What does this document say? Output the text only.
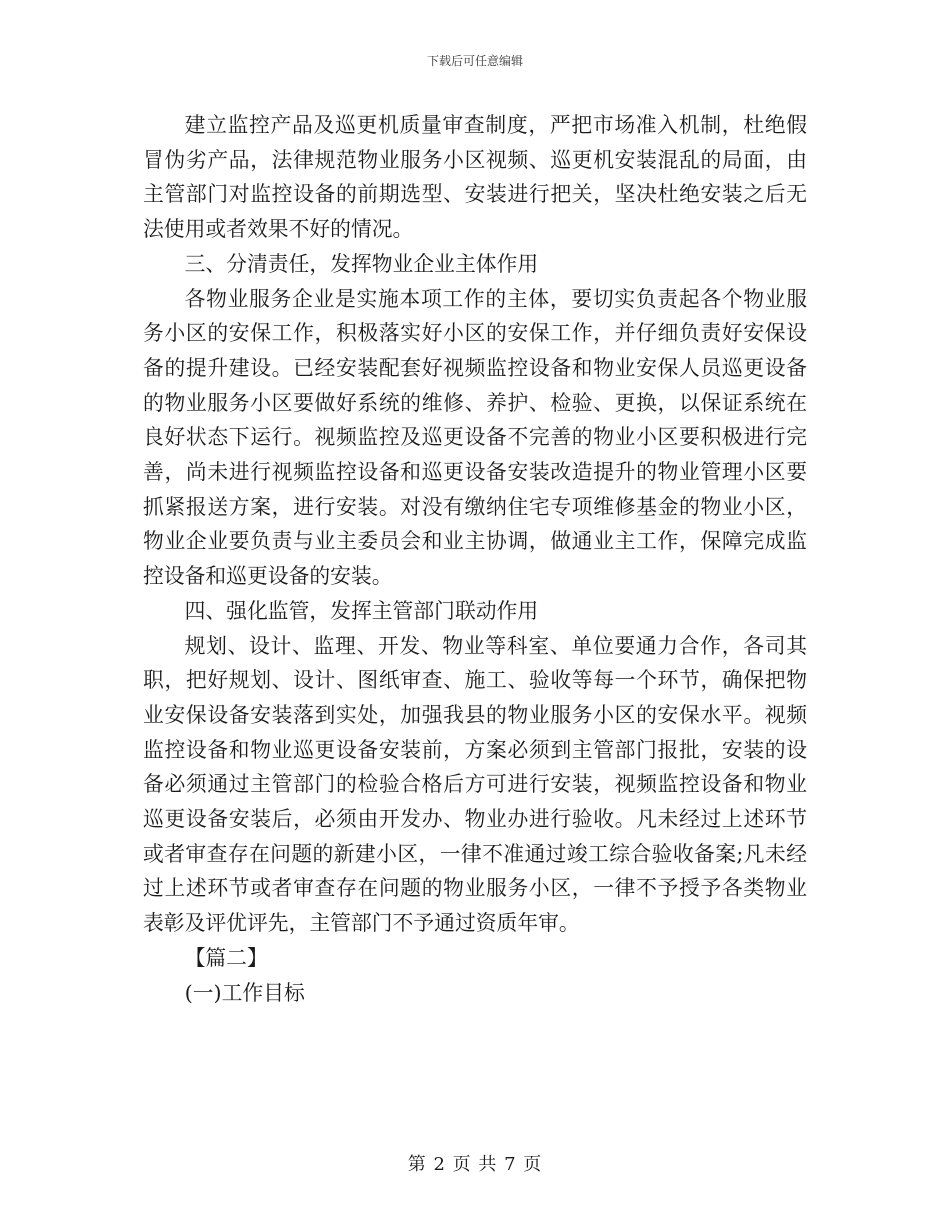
下载后可任意编辑

建立监控产品及巡更机质量审查制度，严把市场准入机制，杜绝假冒伪劣产品，法律规范物业服务小区视频、巡更机安装混乱的局面，由主管部门对监控设备的前期选型、安装进行把关，坚决杜绝安装之后无法使用或者效果不好的情况。

三、分清责任，发挥物业企业主体作用

各物业服务企业是实施本项工作的主体，要切实负责起各个物业服务小区的安保工作，积极落实好小区的安保工作，并仔细负责好安保设备的提升建设。已经安装配套好视频监控设备和物业安保人员巡更设备的物业服务小区要做好系统的维修、养护、检验、更换，以保证系统在良好状态下运行。视频监控及巡更设备不完善的物业小区要积极进行完善，尚未进行视频监控设备和巡更设备安装改造提升的物业管理小区要抓紧报送方案，进行安装。对没有缴纳住宅专项维修基金的物业小区，物业企业要负责与业主委员会和业主协调，做通业主工作，保障完成监控设备和巡更设备的安装。

四、强化监管，发挥主管部门联动作用

规划、设计、监理、开发、物业等科室、单位要通力合作，各司其职，把好规划、设计、图纸审查、施工、验收等每一个环节，确保把物业安保设备安装落到实处，加强我县的物业服务小区的安保水平。视频监控设备和物业巡更设备安装前，方案必须到主管部门报批，安装的设备必须通过主管部门的检验合格后方可进行安装，视频监控设备和物业巡更设备安装后，必须由开发办、物业办进行验收。凡未经过上述环节或者审查存在问题的新建小区，一律不准通过竣工综合验收备案;凡未经过上述环节或者审查存在问题的物业服务小区，一律不予授予各类物业表彰及评优评先，主管部门不予通过资质年审。

【篇二】

(一)工作目标

第 2 页 共 7 页
